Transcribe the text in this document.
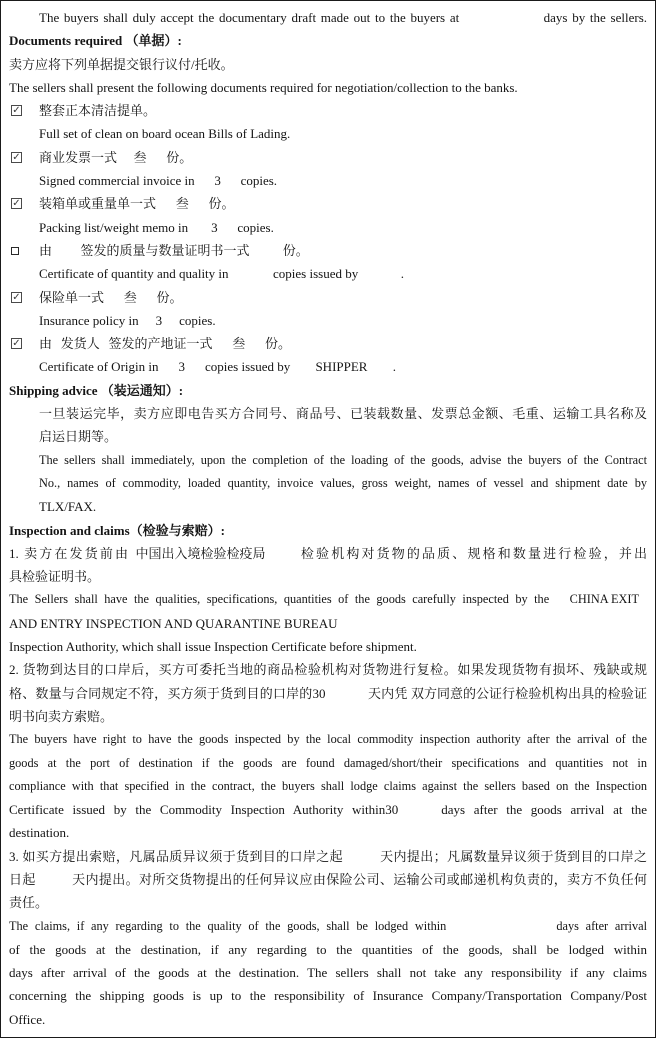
The buyers shall duly accept the documentary draft made out to the buyers at	days by the sellers.
Documents required （单据）:
卖方应将下列单据提交银行议付/托收。
The sellers shall present the following documents required for negotiation/collection to the banks.
✓
整套正本清洁提单。
Full set of clean on board ocean Bills of Lading.
✓
商业发票一式 叁 份。
Signed commercial invoice in 3 copies.
✓
装箱单或重量单一式 叁 份。
Packing list/weight memo in 3 copies.
由   签发的质量与数量证明书一式  份。
Certificate of quantity and quality in	copies issued by	.
✓
保险单一式 叁 份。
Insurance policy in 3 copies.
✓
由 发货人 签发的产地证一式 叁 份。
Certificate of Origin in 3 copies issued by SHIPPER .
Shipping advice （装运通知）:
一旦装运完毕，卖方应即电告买方合同号、商品号、已装载数量、发票总金额、毛重、运输工具名称及
启运日期等。
The sellers shall immediately, upon the completion of the loading of the goods, advise the buyers of the Contract
No., names of commodity, loaded quantity, invoice values, gross weight, names of vessel and shipment date by
TLX/FAX.
Inspection and claims（检验与索赔）:
1. 卖方在发货前由 中国出入境检验检疫局 检验机构对货物的品质、规格和数量进行检验，并出
具检验证明书。
The Sellers shall have the qualities, specifications, quantities of the goods carefully inspected by the CHINA EXIT
AND ENTRY INSPECTION AND QUARANTINE BUREAU
Inspection Authority, which shall issue Inspection Certificate before shipment.
2. 货物到达目的口岸后，买方可委托当地的商品检验机构对货物进行复检。如果发现货物有损坏、残缺或规
格、数量与合同规定不符，买方须于货到目的口岸的30	天内凭 双方同意的公证行检验机构出具的检验证
明书向卖方索赔。
The buyers have right to have the goods inspected by the local commodity inspection authority after the arrival of the
goods at the port of destination if the goods are found damaged/short/their specifications and quantities not in
compliance with that specified in the contract, the buyers shall lodge claims against the sellers based on the Inspection
Certificate issued by the Commodity Inspection Authority within30	days after the goods arrival at the
destination.
3. 如买方提出索赔，凡属品质异议须于货到目的口岸之起   天内提出；凡属数量异议须于货到目的口岸之
日起	天内提出。对所交货物提出的任何异议应由保险公司、运输公司或邮递机构负责的，卖方不负任何
责任。
The claims, if any regarding to the quality of the goods, shall be lodged within	days after arrival
of the goods at the destination, if any regarding to the quantities of the goods, shall be lodged within
days after arrival of the goods at the destination. The sellers shall not take any responsibility if any claims
concerning the shipping goods is up to the responsibility of Insurance Company/Transportation Company/Post
Office.
